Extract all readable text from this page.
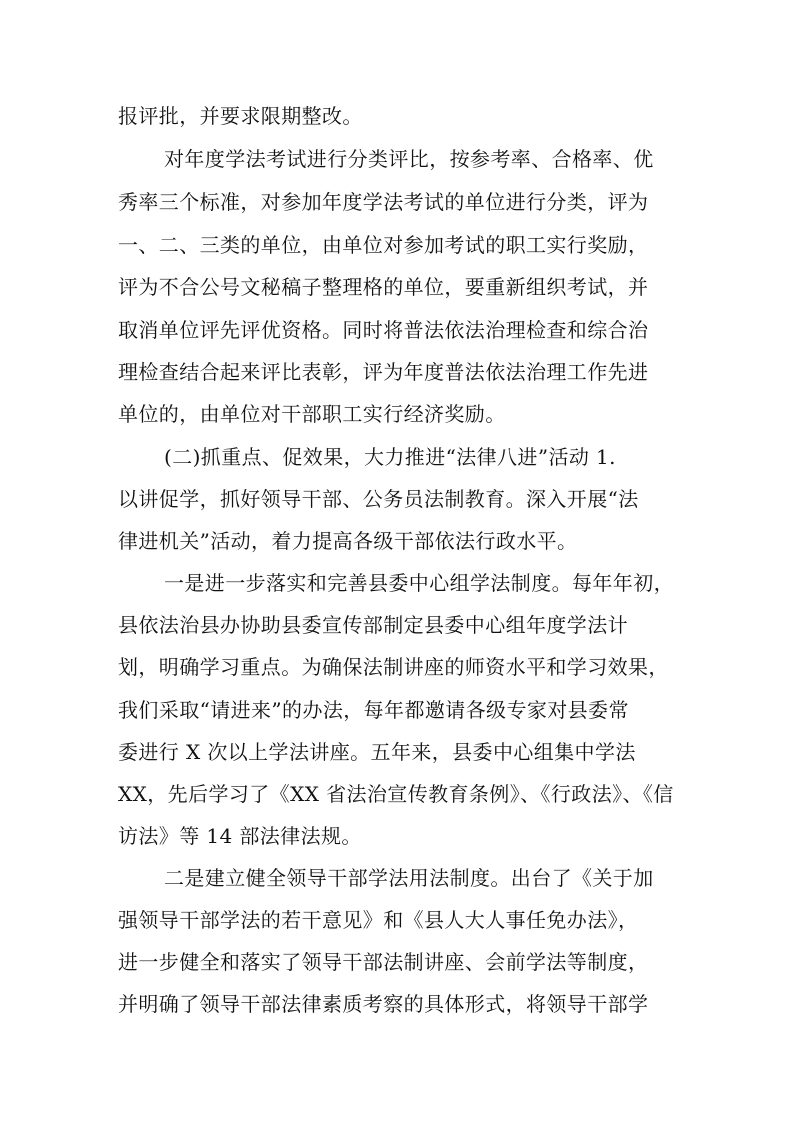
报评批，并要求限期整改。

对年度学法考试进行分类评比，按参考率、合格率、优

秀率三个标准，对参加年度学法考试的单位进行分类，评为

一、二、三类的单位，由单位对参加考试的职工实行奖励，

评为不合公号文秘稿子整理格的单位，要重新组织考试，并

取消单位评先评优资格。同时将普法依法治理检查和综合治

理检查结合起来评比表彰，评为年度普法依法治理工作先进

单位的，由单位对干部职工实行经济奖励。

(二)抓重点、促效果，大力推进“法律八进”活动 1.

以讲促学，抓好领导干部、公务员法制教育。深入开展“法

律进机关”活动，着力提高各级干部依法行政水平。

一是进一步落实和完善县委中心组学法制度。每年年初，

县依法治县办协助县委宣传部制定县委中心组年度学法计

划，明确学习重点。为确保法制讲座的师资水平和学习效果，

我们采取“请进来”的办法，每年都邀请各级专家对县委常

委进行 X 次以上学法讲座。五年来，县委中心组集中学法

XX，先后学习了《XX 省法治宣传教育条例》、《行政法》、《信

访法》等 14 部法律法规。

二是建立健全领导干部学法用法制度。出台了《关于加

强领导干部学法的若干意见》和《县人大人事任免办法》，

进一步健全和落实了领导干部法制讲座、会前学法等制度，

并明确了领导干部法律素质考察的具体形式，将领导干部学
